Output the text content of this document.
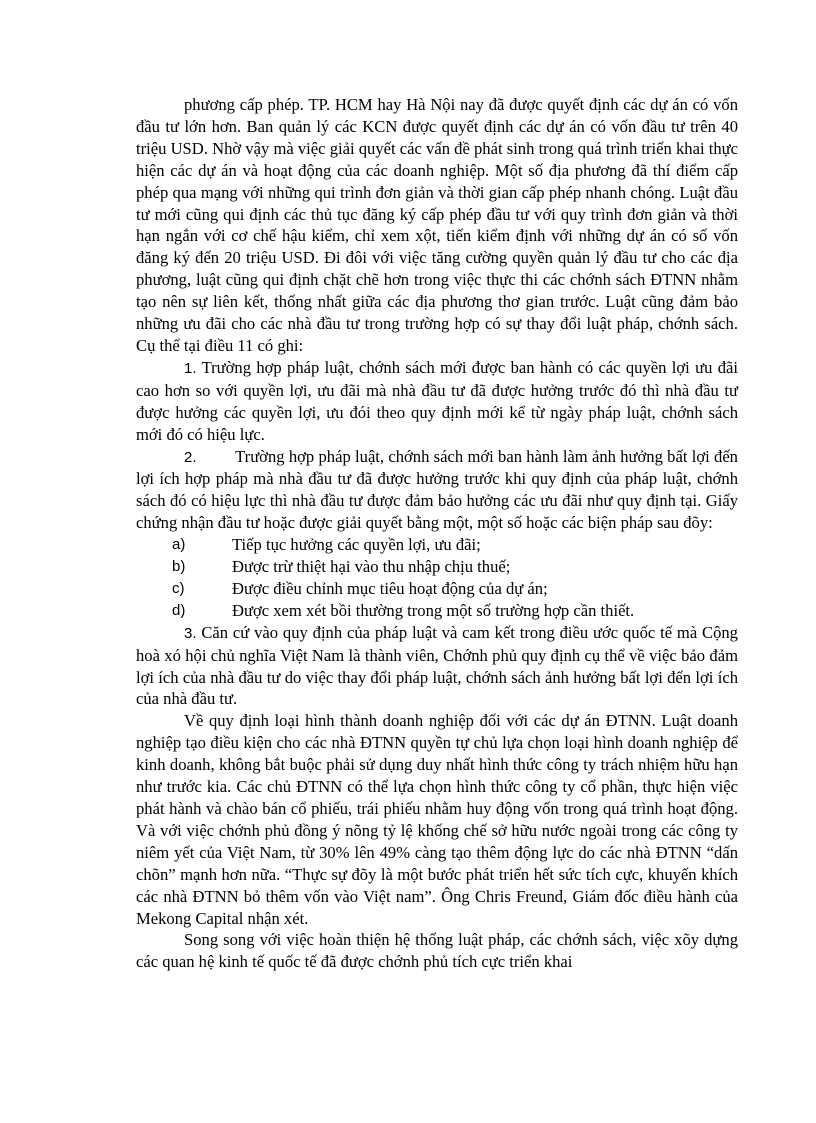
phương cấp phép. TP. HCM hay Hà Nội nay đã được quyết định các dự án có vốn đầu tư lớn hơn. Ban quản lý các KCN được quyết định các dự án có vốn đầu tư trên 40 triệu USD. Nhờ vậy mà việc giải quyết các vấn đề phát sinh trong quá trình triển khai thực hiện các dự án và hoạt động của các doanh nghiệp. Một số địa phương đã thí điểm cấp phép qua mạng với những qui trình đơn giản và thời gian cấp phép nhanh chóng. Luật đầu tư mới cũng qui định các thủ tục đăng ký cấp phép đầu tư với quy trình đơn giản và thời hạn ngắn với cơ chế hậu kiểm, chỉ xem xột, tiến kiểm định với những dự án có số vốn đăng ký đến 20 triệu USD. Đi đôi với việc tăng cường quyền quản lý đầu tư cho các địa phương, luật cũng qui định chặt chẽ hơn trong việc thực thi các chớnh sách ĐTNN nhằm tạo nên sự liên kết, thống nhất giữa các địa phương thơ gian trước. Luật cũng đảm bảo những ưu đãi cho các nhà đầu tư trong trường hợp có sự thay đổi luật pháp, chớnh sách. Cụ thể tại điều 11 có ghi:

1. Trường hợp pháp luật, chớnh sách mới được ban hành có các quyền lợi ưu đãi cao hơn so với quyền lợi, ưu đãi mà nhà đầu tư đã được hưởng trước đó thì nhà đầu tư được hưởng các quyền lợi, ưu đói theo quy định mới kể từ ngày pháp luật, chớnh sách mới đó có hiệu lực.

2. Trường hợp pháp luật, chớnh sách mới ban hành làm ảnh hưởng bất lợi đến lợi ích hợp pháp mà nhà đầu tư đã được hưởng trước khi quy định của pháp luật, chớnh sách đó có hiệu lực thì nhà đầu tư được đảm bảo hưởng các ưu đãi như quy định tại. Giấy chứng nhận đầu tư hoặc được giải quyết bằng một, một số hoặc các biện pháp sau đõy:

a)	Tiếp tục hưởng các quyền lợi, ưu đãi;
b)	Được trừ thiệt hại vào thu nhập chịu thuế;
c)	Được điều chỉnh mục tiêu hoạt động của dự án;
d)	Được xem xét bồi thường trong một số trường hợp cần thiết.

3. Căn cứ vào quy định của pháp luật và cam kết trong điều ước quốc tế mà Cộng hoà xó hội chủ nghĩa Việt Nam là thành viên, Chớnh phủ quy định cụ thể về việc bảo đảm lợi ích của nhà đầu tư do việc thay đổi pháp luật, chớnh sách ảnh hưởng bất lợi đến lợi ích của nhà đầu tư.

Về quy định loại hình thành doanh nghiệp đối với các dự án ĐTNN. Luật doanh nghiệp tạo điều kiện cho các nhà ĐTNN quyền tự chủ lựa chọn loại hình doanh nghiệp để kinh doanh, không bắt buộc phải sử dụng duy nhất hình thức công ty trách nhiệm hữu hạn như trước kia. Các chủ ĐTNN có thể lựa chọn hình thức công ty cổ phần, thực hiện việc phát hành và chào bán cổ phiếu, trái phiếu nhằm huy động vốn trong quá trình hoạt động. Và với việc chớnh phủ đồng ý nõng tỷ lệ khống chế sở hữu nước ngoài trong các công ty niêm yết của Việt Nam, từ 30% lên 49% càng tạo thêm động lực do các nhà ĐTNN “dấn chõn” mạnh hơn nữa. “Thực sự đõy là một bước phát triển hết sức tích cực, khuyến khích các nhà ĐTNN bỏ thêm vốn vào Việt nam”. Ông Chris Freund, Giám đốc điều hành của Mekong Capital nhận xét.

Song song với việc hoàn thiện hệ thống luật pháp, các chớnh sách, việc xõy dựng các quan hệ kinh tế quốc tế đã được chớnh phủ tích cực triển khai
